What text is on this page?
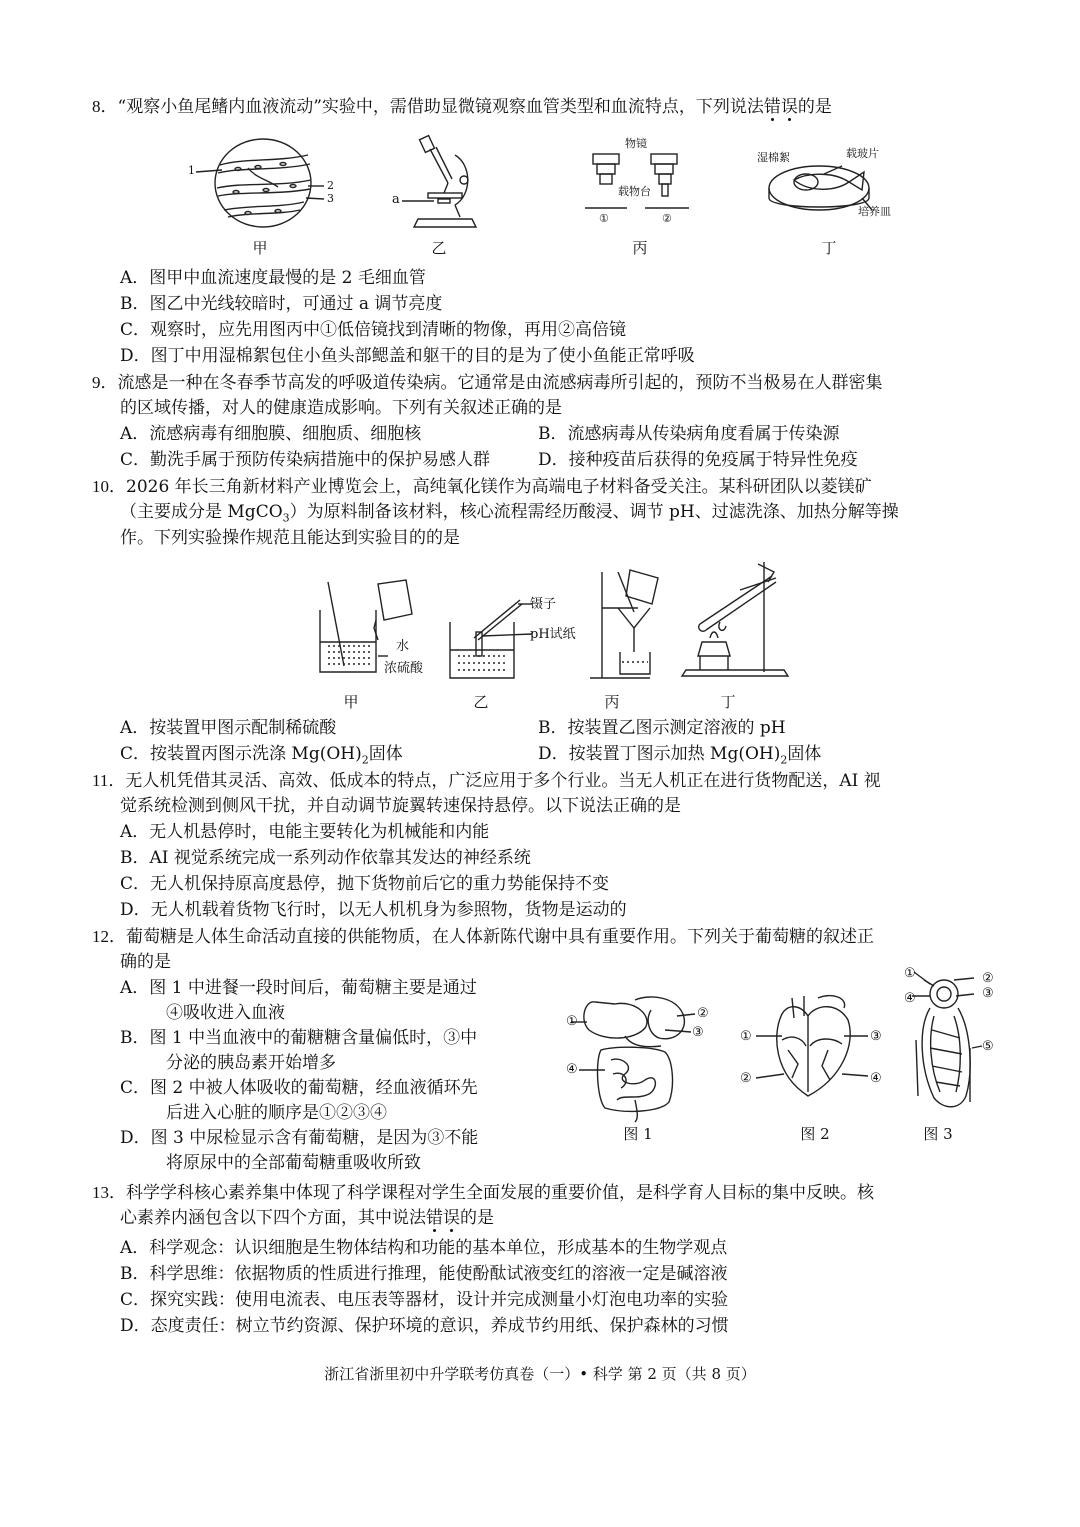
8．“观察小鱼尾鳍内血液流动”实验中，需借助显微镜观察血管类型和血流特点，下列说法错误的是
1
2
3	a
物镜
载物台
①	②
湿棉絮	载玻片
培养皿
甲	乙	丙	丁
A．图甲中血流速度最慢的是 2 毛细血管
B．图乙中光线较暗时，可通过 a 调节亮度
C．观察时，应先用图丙中①低倍镜找到清晰的物像，再用②高倍镜
D．图丁中用湿棉絮包住小鱼头部鳃盖和躯干的目的是为了使小鱼能正常呼吸
9．流感是一种在冬春季节高发的呼吸道传染病。它通常是由流感病毒所引起的，预防不当极易在人群密集
的区域传播，对人的健康造成影响。下列有关叙述正确的是
A．流感病毒有细胞膜、细胞质、细胞核	B．流感病毒从传染病角度看属于传染源
C．勤洗手属于预防传染病措施中的保护易感人群	D．接种疫苗后获得的免疫属于特异性免疫
10．2026 年长三角新材料产业博览会上，高纯氧化镁作为高端电子材料备受关注。某科研团队以菱镁矿
（主要成分是 MgCO$_3$）为原料制备该材料，核心流程需经历酸浸、调节 pH、过滤洗涤、加热分解等操
作。下列实验操作规范且能达到实验目的的是
水
浓硫酸
镊子
pH试纸
甲	乙	丙	丁
A．按装置甲图示配制稀硫酸	B．按装置乙图示测定溶液的 pH
C．按装置丙图示洗涤 $Mg(OH)_2$固体	D．按装置丁图示加热 $Mg(OH)_2$固体
11．无人机凭借其灵活、高效、低成本的特点，广泛应用于多个行业。当无人机正在进行货物配送，AI 视
觉系统检测到侧风干扰，并自动调节旋翼转速保持悬停。以下说法正确的是
A．无人机悬停时，电能主要转化为机械能和内能
B．AI 视觉系统完成一系列动作依靠其发达的神经系统
C．无人机保持原高度悬停，抛下货物前后它的重力势能保持不变
D．无人机载着货物飞行时，以无人机机身为参照物，货物是运动的
12．葡萄糖是人体生命活动直接的供能物质，在人体新陈代谢中具有重要作用。下列关于葡萄糖的叙述正
确的是
A．图 1 中进餐一段时间后，葡萄糖主要是通过
④吸收进入血液
B．图 1 中当血液中的葡糖糖含量偏低时，③中
分泌的胰岛素开始增多
C．图 2 中被人体吸收的葡萄糖，经血液循环先
后进入心脏的顺序是①②③④
D．图 3 中尿检显示含有葡萄糖，是因为③不能
将原尿中的全部葡萄糖重吸收所致
①
②
③
④
①
②
③
④
①	②
③
④
⑤
图 1	图 2	图 3
13．科学学科核心素养集中体现了科学课程对学生全面发展的重要价值，是科学育人目标的集中反映。核
心素养内涵包含以下四个方面，其中说法错误的是
A．科学观念：认识细胞是生物体结构和功能的基本单位，形成基本的生物学观点
B．科学思维：依据物质的性质进行推理，能使酚酞试液变红的溶液一定是碱溶液
C．探究实践：使用电流表、电压表等器材，设计并完成测量小灯泡电功率的实验
D．态度责任：树立节约资源、保护环境的意识，养成节约用纸、保护森林的习惯
浙江省浙里初中升学联考仿真卷（一）• 科学 第 2 页（共 8 页）
